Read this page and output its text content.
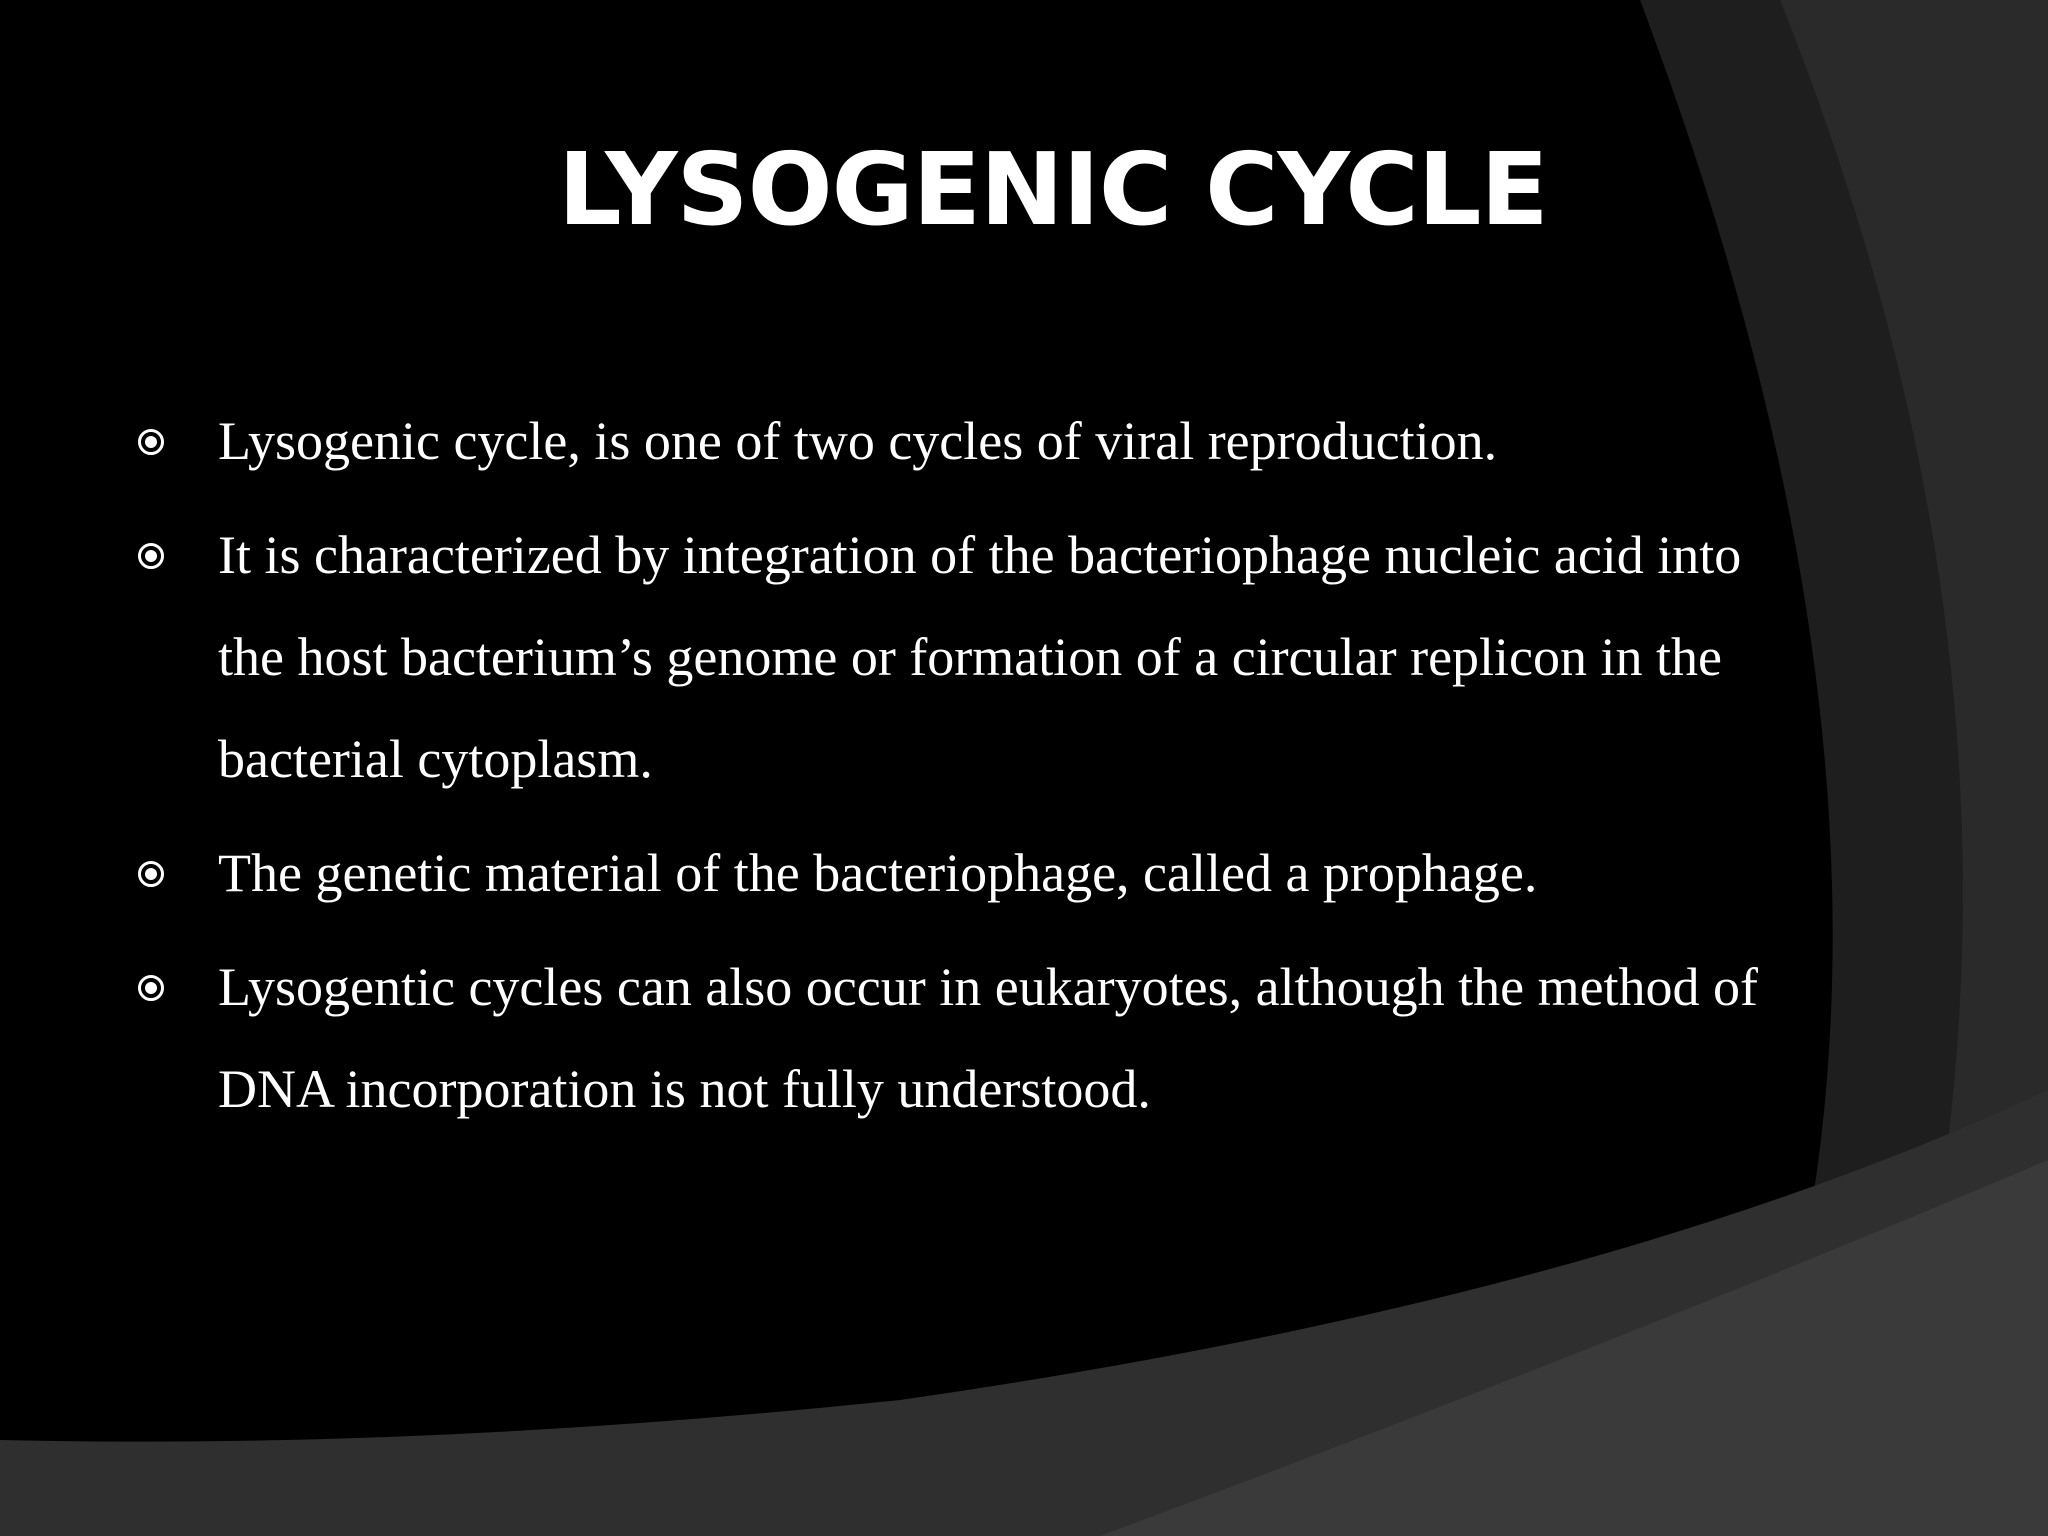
LYSOGENIC CYCLE
Lysogenic cycle, is one of two cycles of viral reproduction.
It is characterized by integration of the bacteriophage nucleic acid into the host bacterium’s genome or formation of a circular replicon in the bacterial cytoplasm.
The genetic material of the bacteriophage, called a prophage.
Lysogentic cycles can also occur in eukaryotes, although the method of DNA incorporation is not fully understood.
